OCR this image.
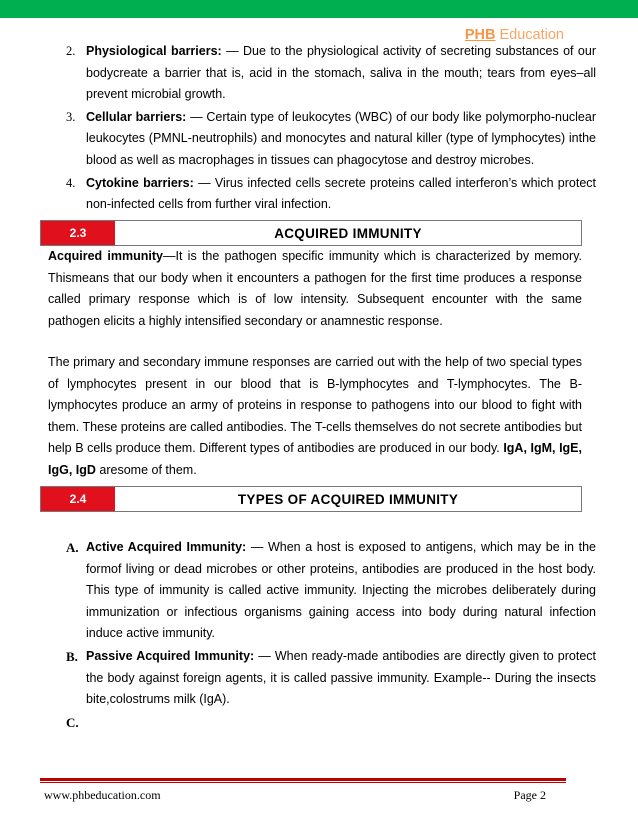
PHB Education
2. Physiological barriers: — Due to the physiological activity of secreting substances of our bodycreate a barrier that is, acid in the stomach, saliva in the mouth; tears from eyes–all prevent microbial growth.
3. Cellular barriers: — Certain type of leukocytes (WBC) of our body like polymorpho-nuclear leukocytes (PMNL-neutrophils) and monocytes and natural killer (type of lymphocytes) inthe blood as well as macrophages in tissues can phagocytose and destroy microbes.
4. Cytokine barriers: — Virus infected cells secrete proteins called interferon’s which protect non-infected cells from further viral infection.
2.3	ACQUIRED IMMUNITY
Acquired immunity—It is the pathogen specific immunity which is characterized by memory. Thismeans that our body when it encounters a pathogen for the first time produces a response called primary response which is of low intensity. Subsequent encounter with the same pathogen elicits a highly intensified secondary or anamnestic response.
The primary and secondary immune responses are carried out with the help of two special types of lymphocytes present in our blood that is B-lymphocytes and T-lymphocytes. The B-lymphocytes produce an army of proteins in response to pathogens into our blood to fight with them. These proteins are called antibodies. The T-cells themselves do not secrete antibodies but help B cells produce them. Different types of antibodies are produced in our body. IgA, IgM, IgE, IgG, IgD aresome of them.
2.4	TYPES OF ACQUIRED IMMUNITY
A. Active Acquired Immunity: — When a host is exposed to antigens, which may be in the formof living or dead microbes or other proteins, antibodies are produced in the host body. This type of immunity is called active immunity. Injecting the microbes deliberately during immunization or infectious organisms gaining access into body during natural infection induce active immunity.
B. Passive Acquired Immunity: — When ready-made antibodies are directly given to protect the body against foreign agents, it is called passive immunity. Example-- During the insects bite,colostrums milk (IgA).
C.
www.phbeducation.com	Page 2
